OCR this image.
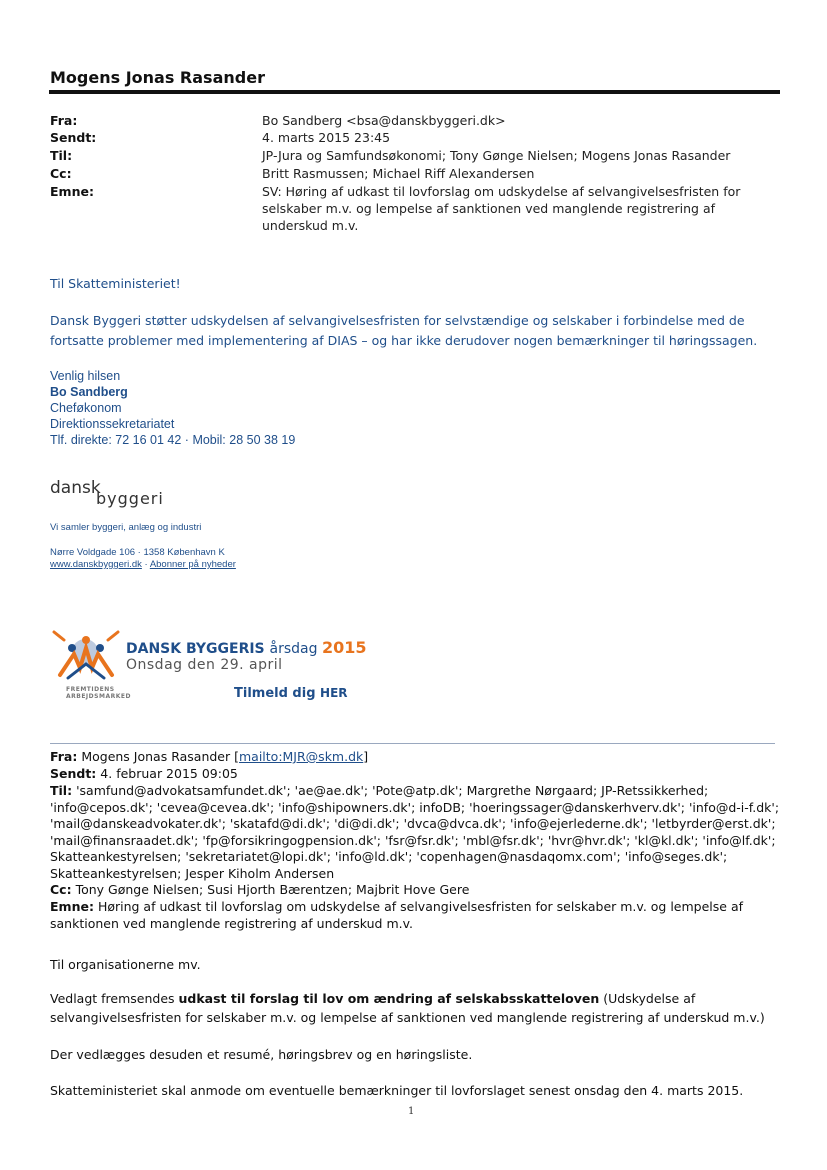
Mogens Jonas Rasander
Fra:	Bo Sandberg <bsa@danskbyggeri.dk>
Sendt:	4. marts 2015 23:45
Til:	JP-Jura og Samfundsøkonomi; Tony Gønge Nielsen; Mogens Jonas Rasander
Cc:	Britt Rasmussen; Michael Riff Alexandersen
Emne:	SV: Høring af udkast til lovforslag om udskydelse af selvangivelsesfristen for selskaber m.v. og lempelse af sanktionen ved manglende registrering af underskud m.v.
Til Skatteministeriet!
Dansk Byggeri støtter udskydelsen af selvangivelsesfristen for selvstændige og selskaber i forbindelse med de fortsatte problemer med implementering af DIAS – og har ikke derudover nogen bemærkninger til høringssagen.
Venlig hilsen
Bo Sandberg
Cheføkonom
Direktionssekretariatet
Tlf. direkte: 72 16 01 42 · Mobil: 28 50 38 19
dansk
byggeri
Vi samler byggeri, anlæg og industri
Nørre Voldgade 106 · 1358 København K
www.danskbyggeri.dk · Abonner på nyheder
FREMTIDENS
ARBEJDSMARKED
DANSK BYGGERIS årsdag 2015
Onsdag den 29. april
Tilmeld dig HER
Fra: Mogens Jonas Rasander [mailto:MJR@skm.dk]
Sendt: 4. februar 2015 09:05
Til: 'samfund@advokatsamfundet.dk'; 'ae@ae.dk'; 'Pote@atp.dk'; Margrethe Nørgaard; JP-Retssikkerhed; 'info@cepos.dk'; 'cevea@cevea.dk'; 'info@shipowners.dk'; infoDB; 'hoeringssager@danskerhverv.dk'; 'info@d-i-f.dk'; 'mail@danskeadvokater.dk'; 'skatafd@di.dk'; 'di@di.dk'; 'dvca@dvca.dk'; 'info@ejerlederne.dk'; 'letbyrder@erst.dk'; 'mail@finansraadet.dk'; 'fp@forsikringogpension.dk'; 'fsr@fsr.dk'; 'mbl@fsr.dk'; 'hvr@hvr.dk'; 'kl@kl.dk'; 'info@lf.dk'; Skatteankestyrelsen; 'sekretariatet@lopi.dk'; 'info@ld.dk'; 'copenhagen@nasdaqomx.com'; 'info@seges.dk'; Skatteankestyrelsen; Jesper Kiholm Andersen
Cc: Tony Gønge Nielsen; Susi Hjorth Bærentzen; Majbrit Hove Gere
Emne: Høring af udkast til lovforslag om udskydelse af selvangivelsesfristen for selskaber m.v. og lempelse af sanktionen ved manglende registrering af underskud m.v.
Til organisationerne mv.
Vedlagt fremsendes udkast til forslag til lov om ændring af selskabsskatteloven (Udskydelse af selvangivelsesfristen for selskaber m.v. og lempelse af sanktionen ved manglende registrering af underskud m.v.)
Der vedlægges desuden et resumé, høringsbrev og en høringsliste.
Skatteministeriet skal anmode om eventuelle bemærkninger til lovforslaget senest onsdag den 4. marts 2015.
1
